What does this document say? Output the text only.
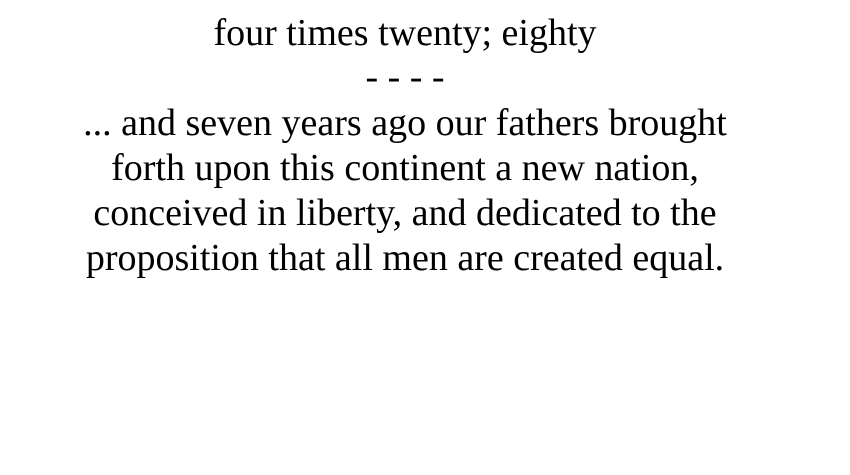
four times twenty; eighty
- - - -
... and seven years ago our fathers brought
forth upon this continent a new nation,
conceived in liberty, and dedicated to the
proposition that all men are created equal.
